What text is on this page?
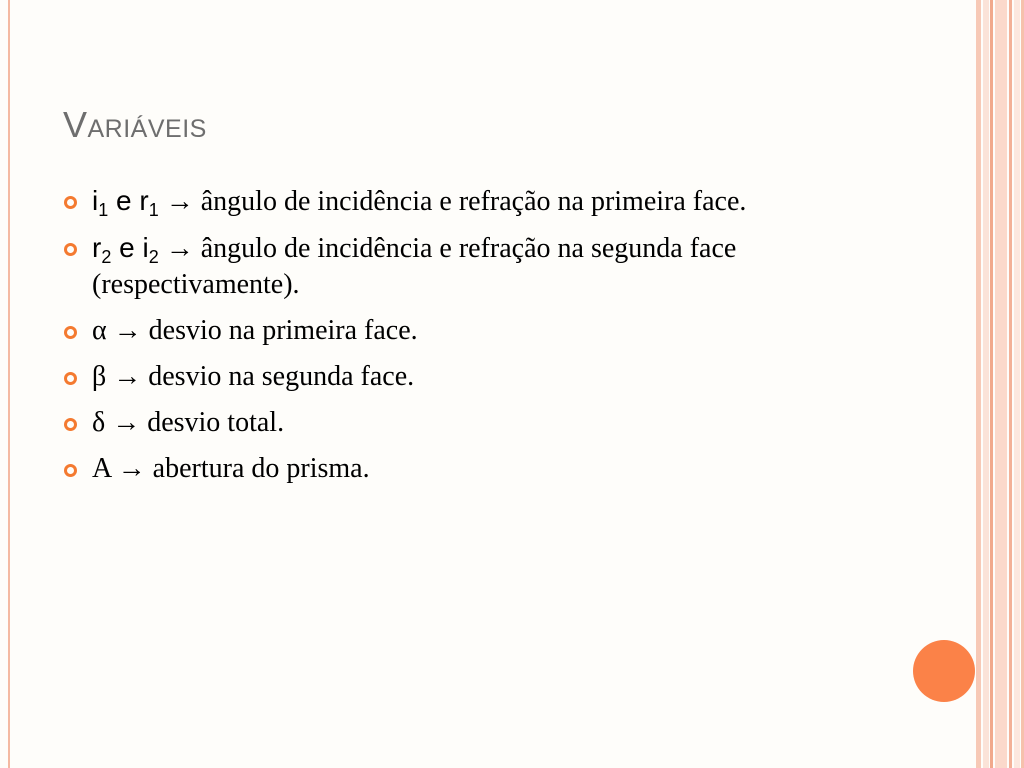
Variáveis
$i_1$ e $r_1$ → ângulo de incidência e refração na primeira face.
$r_2$ e $i_2$ → ângulo de incidência e refração na segunda face (respectivamente).
α → desvio na primeira face.
β → desvio na segunda face.
δ → desvio total.
A → abertura do prisma.
